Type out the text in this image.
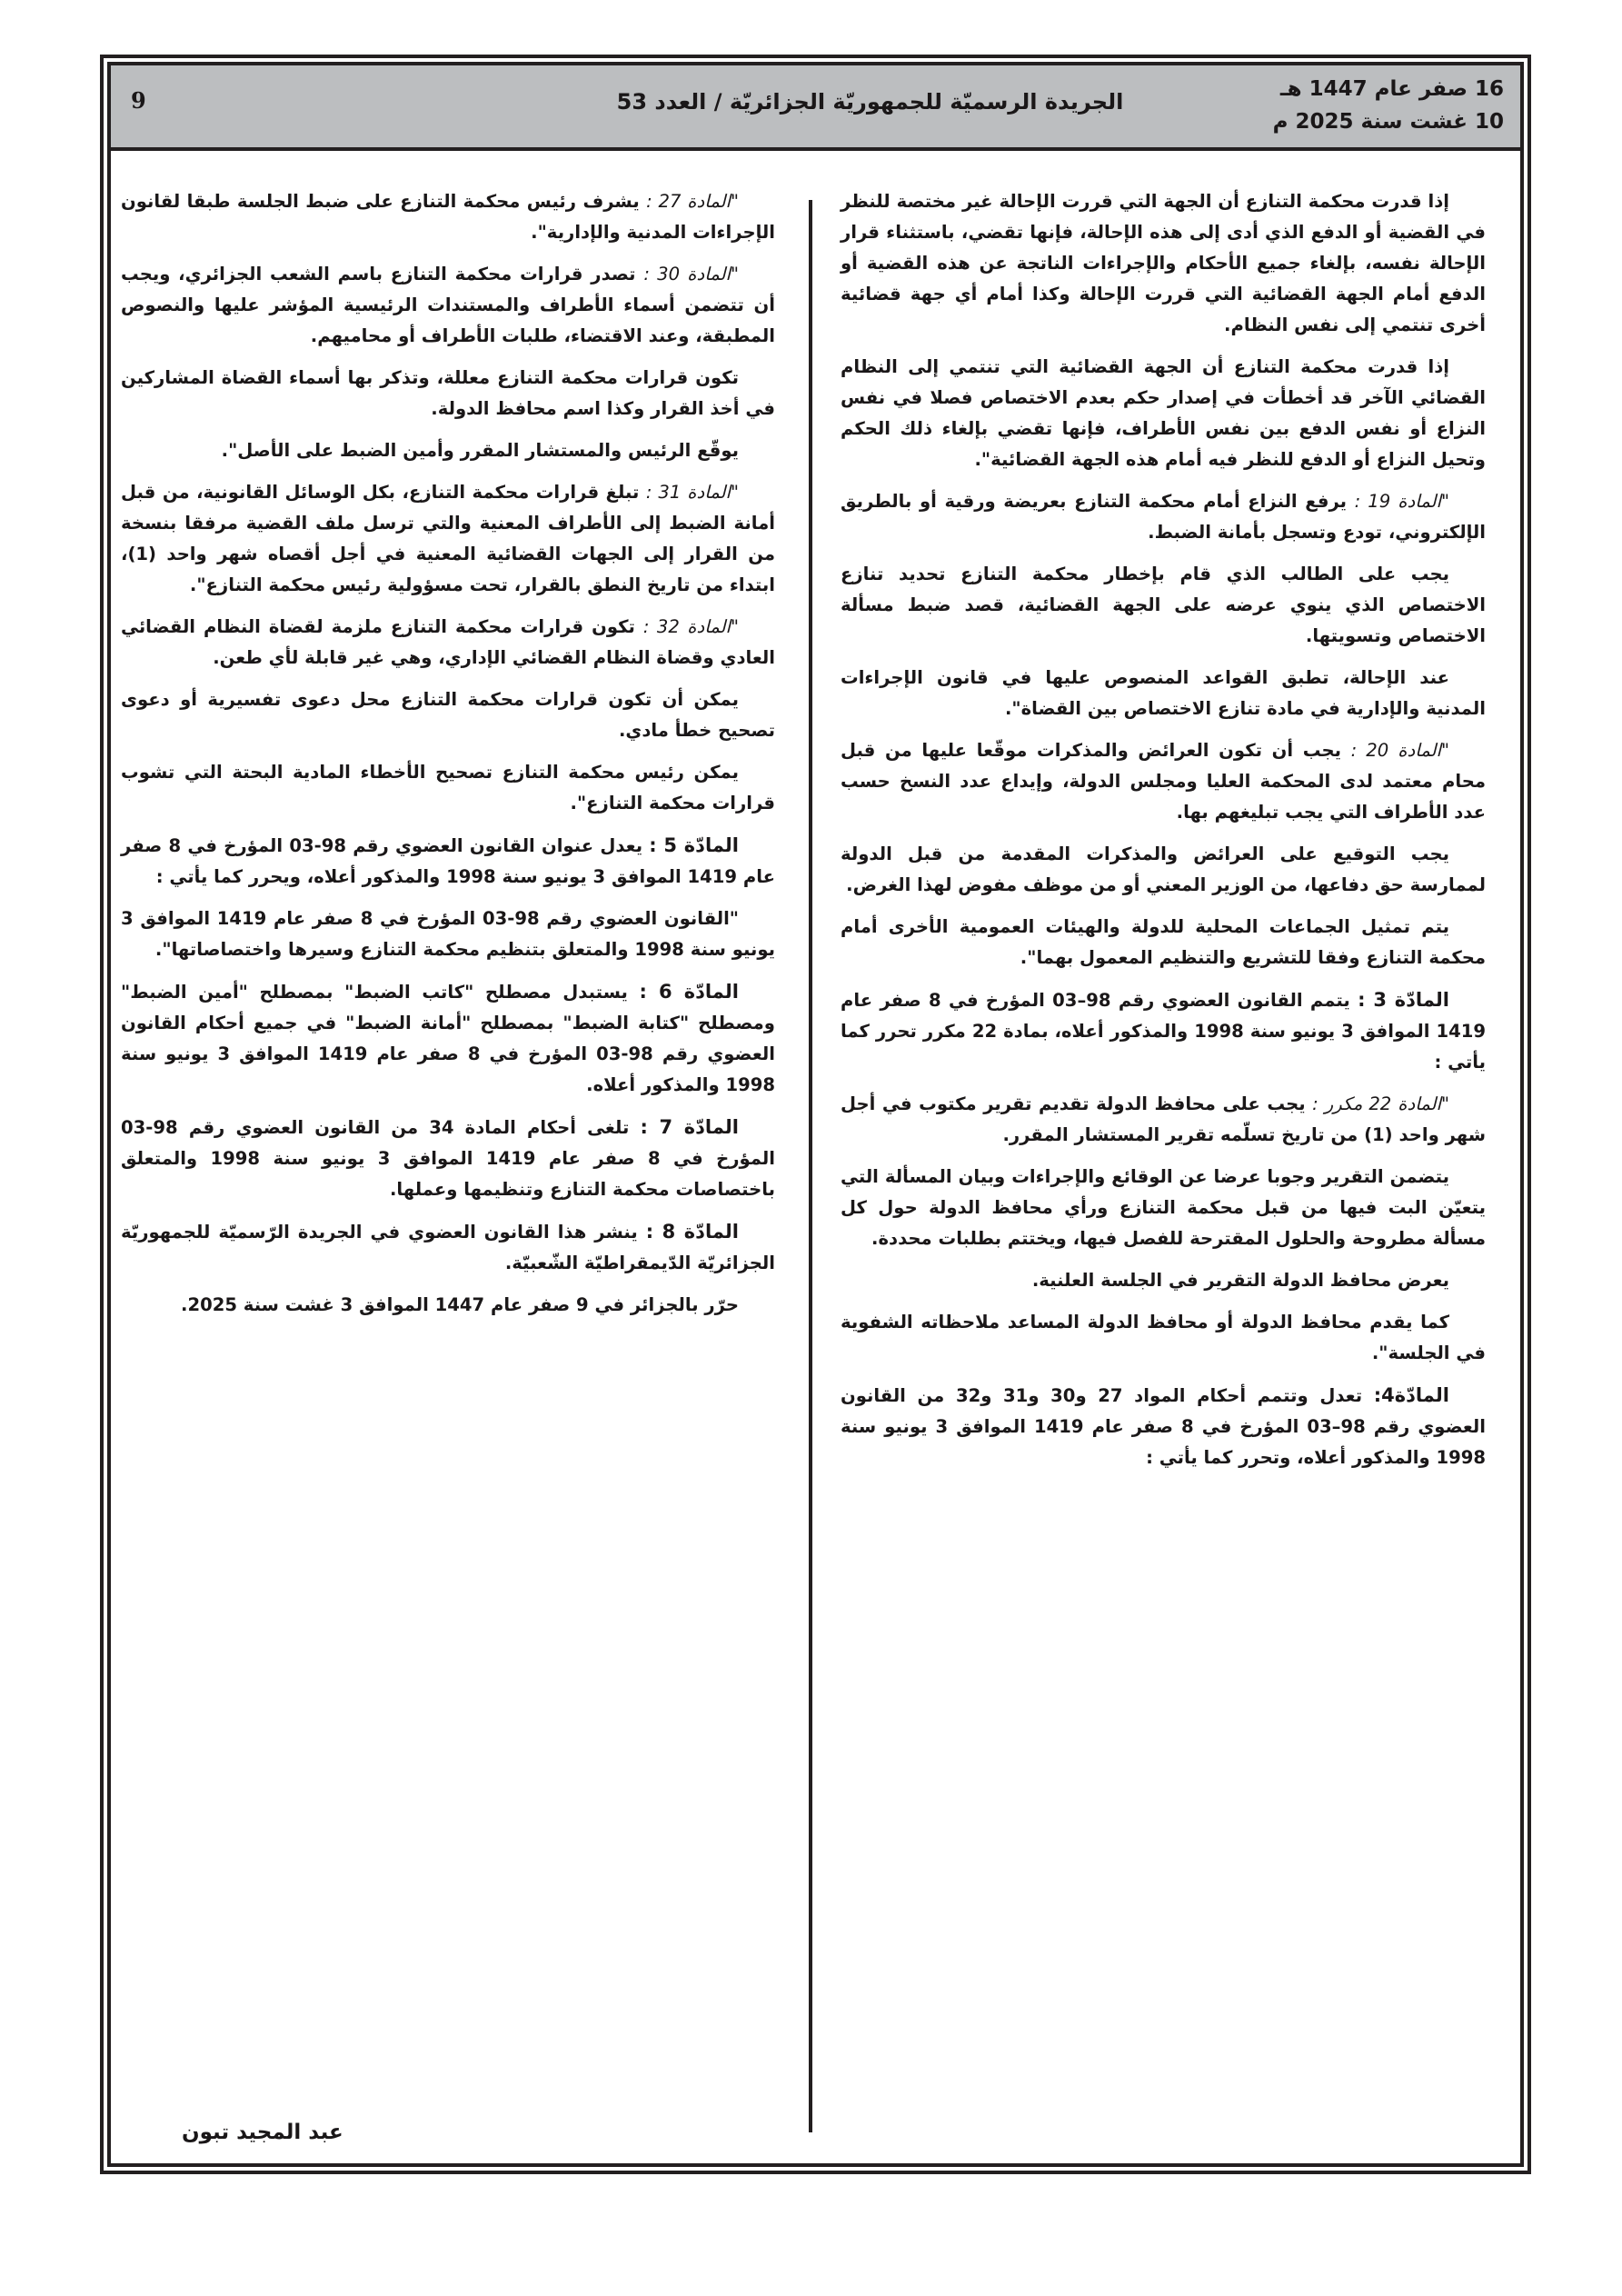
9	الجريدة الرسميّة للجمهوريّة الجزائريّة / العدد 53	16 صفر عام 1447 هـ
10 غشت سنة 2025 م

إذا قدرت محكمة التنازع أن الجهة التي قررت الإحالة غير مختصة للنظر في القضية أو الدفع الذي أدى إلى هذه الإحالة، فإنها تقضي، باستثناء قرار الإحالة نفسه، بإلغاء جميع الأحكام والإجراءات الناتجة عن هذه القضية أو الدفع أمام الجهة القضائية التي قررت الإحالة وكذا أمام أي جهة قضائية أخرى تنتمي إلى نفس النظام.

إذا قدرت محكمة التنازع أن الجهة القضائية التي تنتمي إلى النظام القضائي الآخر قد أخطأت في إصدار حكم بعدم الاختصاص فصلا في نفس النزاع أو نفس الدفع بين نفس الأطراف، فإنها تقضي بإلغاء ذلك الحكم وتحيل النزاع أو الدفع للنظر فيه أمام هذه الجهة القضائية".

"المادة 19 : يرفع النزاع أمام محكمة التنازع بعريضة ورقية أو بالطريق الإلكتروني، تودع وتسجل بأمانة الضبط.

يجب على الطالب الذي قام بإخطار محكمة التنازع تحديد تنازع الاختصاص الذي ينوي عرضه على الجهة القضائية، قصد ضبط مسألة الاختصاص وتسويتها.

عند الإحالة، تطبق القواعد المنصوص عليها في قانون الإجراءات المدنية والإدارية في مادة تنازع الاختصاص بين القضاة".

"المادة 20 : يجب أن تكون العرائض والمذكرات موقّعا عليها من قبل محام معتمد لدى المحكمة العليا ومجلس الدولة، وإيداع عدد النسخ حسب عدد الأطراف التي يجب تبليغهم بها.

يجب التوقيع على العرائض والمذكرات المقدمة من قبل الدولة لممارسة حق دفاعها، من الوزير المعني أو من موظف مفوض لهذا الغرض.

يتم تمثيل الجماعات المحلية للدولة والهيئات العمومية الأخرى أمام محكمة التنازع وفقا للتشريع والتنظيم المعمول بهما".

المادّة 3 : يتمم القانون العضوي رقم 98–03 المؤرخ في 8 صفر عام 1419 الموافق 3 يونيو سنة 1998 والمذكور أعلاه، بمادة 22 مكرر تحرر كما يأتي :

"المادة 22 مكرر : يجب على محافظ الدولة تقديم تقرير مكتوب في أجل شهر واحد (1) من تاريخ تسلّمه تقرير المستشار المقرر.

يتضمن التقرير وجوبا عرضا عن الوقائع والإجراءات وبيان المسألة التي يتعيّن البت فيها من قبل محكمة التنازع ورأي محافظ الدولة حول كل مسألة مطروحة والحلول المقترحة للفصل فيها، ويختتم بطلبات محددة.

يعرض محافظ الدولة التقرير في الجلسة العلنية.

كما يقدم محافظ الدولة أو محافظ الدولة المساعد ملاحظاته الشفوية في الجلسة".

المادّة4: تعدل وتتمم أحكام المواد 27 و30 و31 و32 من القانون العضوي رقم 98–03 المؤرخ في 8 صفر عام 1419 الموافق 3 يونيو سنة 1998 والمذكور أعلاه، وتحرر كما يأتي :

"المادة 27 : يشرف رئيس محكمة التنازع على ضبط الجلسة طبقا لقانون الإجراءات المدنية والإدارية".

"المادة 30 : تصدر قرارات محكمة التنازع باسم الشعب الجزائري، ويجب أن تتضمن أسماء الأطراف والمستندات الرئيسية المؤشر عليها والنصوص المطبقة، وعند الاقتضاء، طلبات الأطراف أو محاميهم.

تكون قرارات محكمة التنازع معللة، وتذكر بها أسماء القضاة المشاركين في أخذ القرار وكذا اسم محافظ الدولة.

يوقّع الرئيس والمستشار المقرر وأمين الضبط على الأصل".

"المادة 31 : تبلغ قرارات محكمة التنازع، بكل الوسائل القانونية، من قبل أمانة الضبط إلى الأطراف المعنية والتي ترسل ملف القضية مرفقا بنسخة من القرار إلى الجهات القضائية المعنية في أجل أقصاه شهر واحد (1)، ابتداء من تاريخ النطق بالقرار، تحت مسؤولية رئيس محكمة التنازع".

"المادة 32 : تكون قرارات محكمة التنازع ملزمة لقضاة النظام القضائي العادي وقضاة النظام القضائي الإداري، وهي غير قابلة لأي طعن.

يمكن أن تكون قرارات محكمة التنازع محل دعوى تفسيرية أو دعوى تصحيح خطأ مادي.

يمكن رئيس محكمة التنازع تصحيح الأخطاء المادية البحتة التي تشوب قرارات محكمة التنازع".

المادّة 5 : يعدل عنوان القانون العضوي رقم 98-03 المؤرخ في 8 صفر عام 1419 الموافق 3 يونيو سنة 1998 والمذكور أعلاه، ويحرر كما يأتي :

"القانون العضوي رقم 98-03 المؤرخ في 8 صفر عام 1419 الموافق 3 يونيو سنة 1998 والمتعلق بتنظيم محكمة التنازع وسيرها واختصاصاتها".

المادّة 6 : يستبدل مصطلح "كاتب الضبط" بمصطلح "أمين الضبط" ومصطلح "كتابة الضبط" بمصطلح "أمانة الضبط" في جميع أحكام القانون العضوي رقم 98-03 المؤرخ في 8 صفر عام 1419 الموافق 3 يونيو سنة 1998 والمذكور أعلاه.

المادّة 7 : تلغى أحكام المادة 34 من القانون العضوي رقم 98-03 المؤرخ في 8 صفر عام 1419 الموافق 3 يونيو سنة 1998 والمتعلق باختصاصات محكمة التنازع وتنظيمها وعملها.

المادّة 8 : ينشر هذا القانون العضوي في الجريدة الرّسميّة للجمهوريّة الجزائريّة الدّيمقراطيّة الشّعبيّة.

حرّر بالجزائر في 9 صفر عام 1447 الموافق 3 غشت سنة 2025.

عبد المجيد تبون
